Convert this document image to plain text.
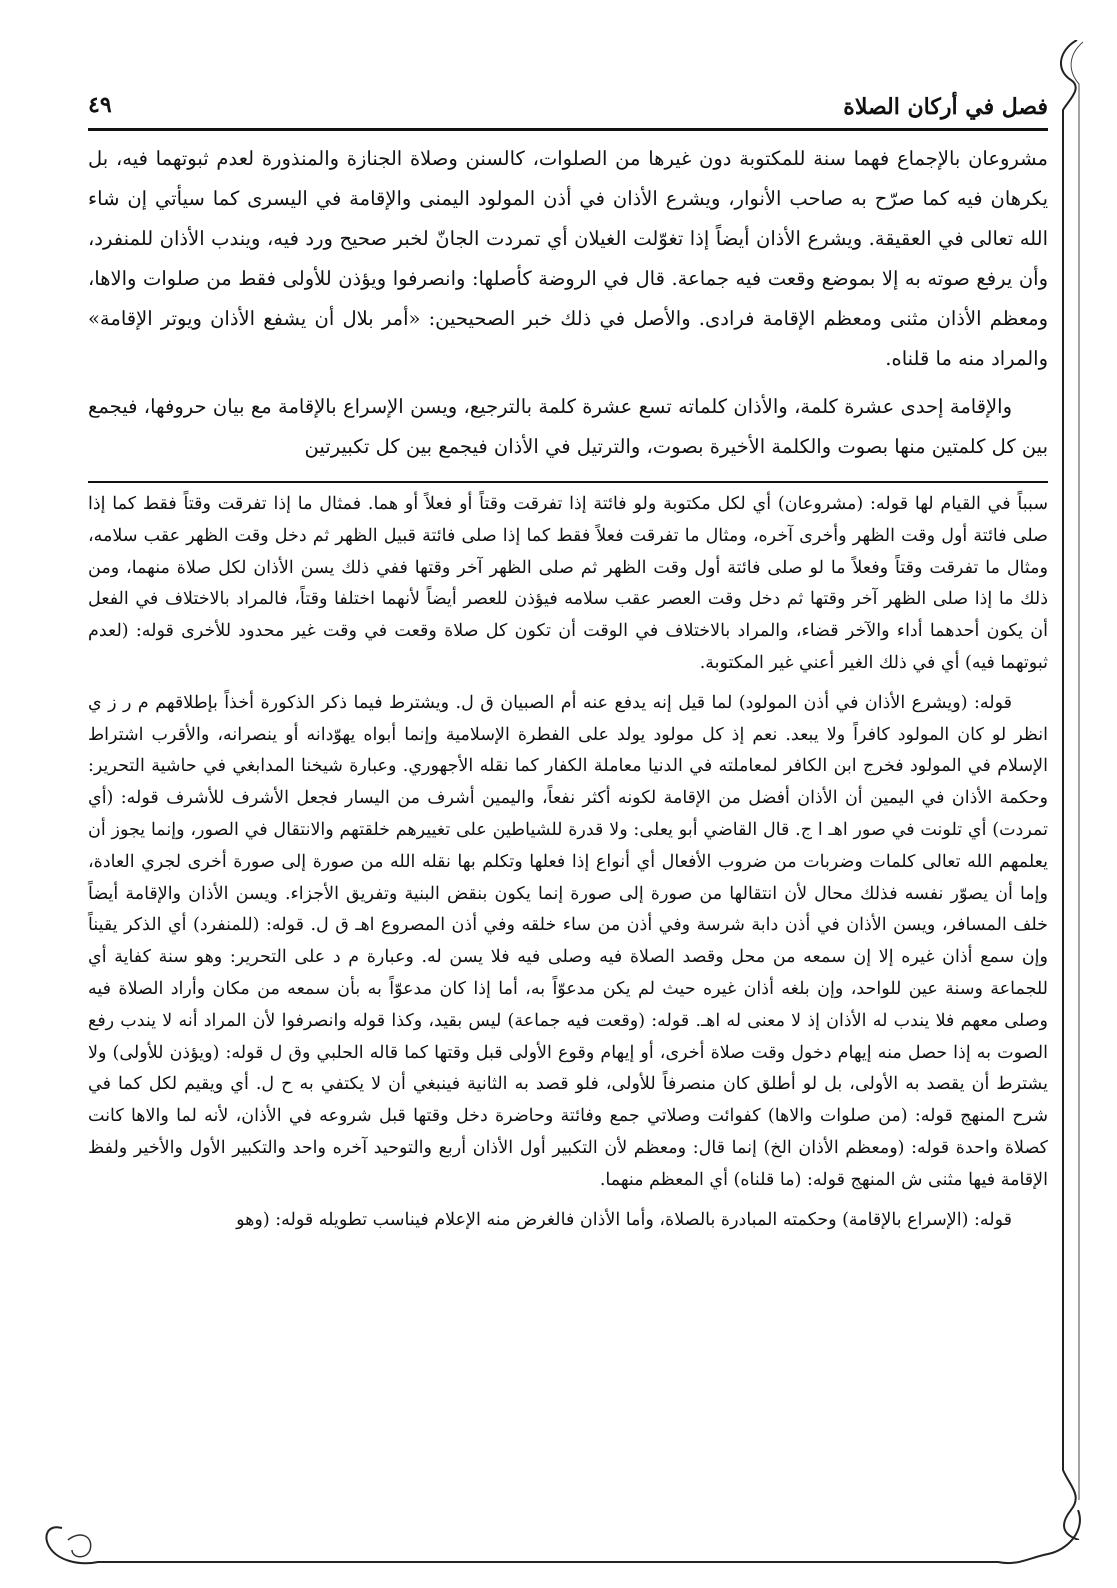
فصل في أركان الصلاة
٤٩

مشروعان بالإجماع فهما سنة للمكتوبة دون غيرها من الصلوات، كالسنن وصلاة الجنازة والمنذورة لعدم ثبوتهما فيه، بل يكرهان فيه كما صرّح به صاحب الأنوار، ويشرع الأذان في أذن المولود اليمنى والإقامة في اليسرى كما سيأتي إن شاء الله تعالى في العقيقة. ويشرع الأذان أيضاً إذا تغوّلت الغيلان أي تمردت الجانّ لخبر صحيح ورد فيه، ويندب الأذان للمنفرد، وأن يرفع صوته به إلا بموضع وقعت فيه جماعة. قال في الروضة كأصلها: وانصرفوا ويؤذن للأولى فقط من صلوات والاها، ومعظم الأذان مثنى ومعظم الإقامة فرادى. والأصل في ذلك خبر الصحيحين: «أمر بلال أن يشفع الأذان ويوتر الإقامة» والمراد منه ما قلناه.

والإقامة إحدى عشرة كلمة، والأذان كلماته تسع عشرة كلمة بالترجيع، ويسن الإسراع بالإقامة مع بيان حروفها، فيجمع بين كل كلمتين منها بصوت والكلمة الأخيرة بصوت، والترتيل في الأذان فيجمع بين كل تكبيرتين

سبباً في القيام لها قوله: (مشروعان) أي لكل مكتوبة ولو فائتة إذا تفرقت وقتاً أو فعلاً أو هما. فمثال ما إذا تفرقت وقتاً فقط كما إذا صلى فائتة أول وقت الظهر وأخرى آخره، ومثال ما تفرقت فعلاً فقط كما إذا صلى فائتة قبيل الظهر ثم دخل وقت الظهر عقب سلامه، ومثال ما تفرقت وقتاً وفعلاً ما لو صلى فائتة أول وقت الظهر ثم صلى الظهر آخر وقتها ففي ذلك يسن الأذان لكل صلاة منهما، ومن ذلك ما إذا صلى الظهر آخر وقتها ثم دخل وقت العصر عقب سلامه فيؤذن للعصر أيضاً لأنهما اختلفا وقتاً، فالمراد بالاختلاف في الفعل أن يكون أحدهما أداء والآخر قضاء، والمراد بالاختلاف في الوقت أن تكون كل صلاة وقعت في وقت غير محدود للأخرى قوله: (لعدم ثبوتهما فيه) أي في ذلك الغير أعني غير المكتوبة.

قوله: (ويشرع الأذان في أذن المولود) لما قيل إنه يدفع عنه أم الصبيان ق ل. ويشترط فيما ذكر الذكورة أخذاً بإطلاقهم م ر ز ي انظر لو كان المولود كافراً ولا يبعد. نعم إذ كل مولود يولد على الفطرة الإسلامية وإنما أبواه يهوّدانه أو ينصرانه، والأقرب اشتراط الإسلام في المولود فخرج ابن الكافر لمعاملته في الدنيا معاملة الكفار كما نقله الأجهوري. وعبارة شيخنا المدابغي في حاشية التحرير: وحكمة الأذان في اليمين أن الأذان أفضل من الإقامة لكونه أكثر نفعاً، واليمين أشرف من اليسار فجعل الأشرف للأشرف قوله: (أي تمردت) أي تلونت في صور اهـ ا ج. قال القاضي أبو يعلى: ولا قدرة للشياطين على تغييرهم خلقتهم والانتقال في الصور، وإنما يجوز أن يعلمهم الله تعالى كلمات وضربات من ضروب الأفعال أي أنواع إذا فعلها وتكلم بها نقله الله من صورة إلى صورة أخرى لجري العادة، وإما أن يصوّر نفسه فذلك محال لأن انتقالها من صورة إلى صورة إنما يكون بنقض البنية وتفريق الأجزاء. ويسن الأذان والإقامة أيضاً خلف المسافر، ويسن الأذان في أذن دابة شرسة وفي أذن من ساء خلقه وفي أذن المصروع اهـ ق ل. قوله: (للمنفرد) أي الذكر يقيناً وإن سمع أذان غيره إلا إن سمعه من محل وقصد الصلاة فيه وصلى فيه فلا يسن له. وعبارة م د على التحرير: وهو سنة كفاية أي للجماعة وسنة عين للواحد، وإن بلغه أذان غيره حيث لم يكن مدعوّاً به، أما إذا كان مدعوّاً به بأن سمعه من مكان وأراد الصلاة فيه وصلى معهم فلا يندب له الأذان إذ لا معنى له اهـ. قوله: (وقعت فيه جماعة) ليس بقيد، وكذا قوله وانصرفوا لأن المراد أنه لا يندب رفع الصوت به إذا حصل منه إيهام دخول وقت صلاة أخرى، أو إيهام وقوع الأولى قبل وقتها كما قاله الحلبي وق ل قوله: (ويؤذن للأولى) ولا يشترط أن يقصد به الأولى، بل لو أطلق كان منصرفاً للأولى، فلو قصد به الثانية فينبغي أن لا يكتفي به ح ل. أي ويقيم لكل كما في شرح المنهج قوله: (من صلوات والاها) كفوائت وصلاتي جمع وفائتة وحاضرة دخل وقتها قبل شروعه في الأذان، لأنه لما والاها كانت كصلاة واحدة قوله: (ومعظم الأذان الخ) إنما قال: ومعظم لأن التكبير أول الأذان أربع والتوحيد آخره واحد والتكبير الأول والأخير ولفظ الإقامة فيها مثنى ش المنهج قوله: (ما قلناه) أي المعظم منهما.

قوله: (الإسراع بالإقامة) وحكمته المبادرة بالصلاة، وأما الأذان فالغرض منه الإعلام فيناسب تطويله قوله: (وهو
